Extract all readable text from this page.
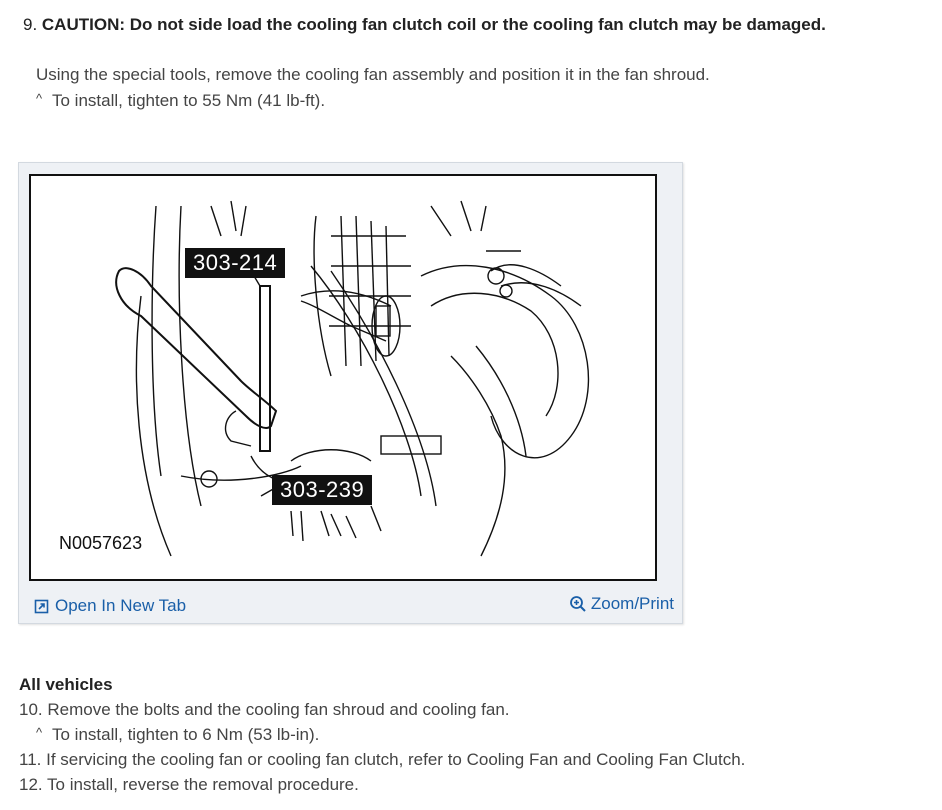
9. CAUTION: Do not side load the cooling fan clutch coil or the cooling fan clutch may be damaged.
Using the special tools, remove the cooling fan assembly and position it in the fan shroud.
^ To install, tighten to 55 Nm (41 lb-ft).
303-214
303-239
N0057623
Open In New Tab	Zoom/Print
All vehicles
10. Remove the bolts and the cooling fan shroud and cooling fan.
^ To install, tighten to 6 Nm (53 lb-in).
11. If servicing the cooling fan or cooling fan clutch, refer to Cooling Fan and Cooling Fan Clutch.
12. To install, reverse the removal procedure.
